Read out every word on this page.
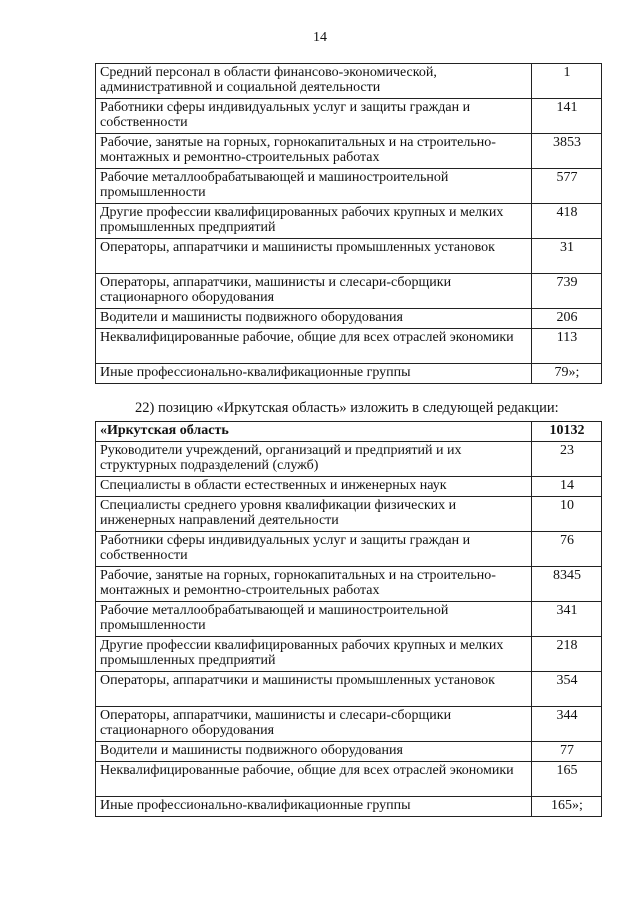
14
Средний персонал в области финансово-экономической, административной и социальной деятельности	1
Работники сферы индивидуальных услуг и защиты граждан и собственности	141
Рабочие, занятые на горных, горнокапитальных и на строительно-монтажных и ремонтно-строительных работах	3853
Рабочие металлообрабатывающей и машиностроительной промышленности	577
Другие профессии квалифицированных рабочих крупных и мелких промышленных предприятий	418
Операторы, аппаратчики и машинисты промышленных установок	31
Операторы, аппаратчики, машинисты и слесари-сборщики стационарного оборудования	739
Водители и машинисты подвижного оборудования	206
Неквалифицированные рабочие, общие для всех отраслей экономики	113
Иные профессионально-квалификационные группы	79»;
22) позицию «Иркутская область» изложить в следующей редакции:
«Иркутская область	10132
Руководители учреждений, организаций и предприятий и их структурных подразделений (служб)	23
Специалисты в области естественных и инженерных наук	14
Специалисты среднего уровня квалификации физических и инженерных направлений деятельности	10
Работники сферы индивидуальных услуг и защиты граждан и собственности	76
Рабочие, занятые на горных, горнокапитальных и на строительно-монтажных и ремонтно-строительных работах	8345
Рабочие металлообрабатывающей и машиностроительной промышленности	341
Другие профессии квалифицированных рабочих крупных и мелких промышленных предприятий	218
Операторы, аппаратчики и машинисты промышленных установок	354
Операторы, аппаратчики, машинисты и слесари-сборщики стационарного оборудования	344
Водители и машинисты подвижного оборудования	77
Неквалифицированные рабочие, общие для всех отраслей экономики	165
Иные профессионально-квалификационные группы	165»;
